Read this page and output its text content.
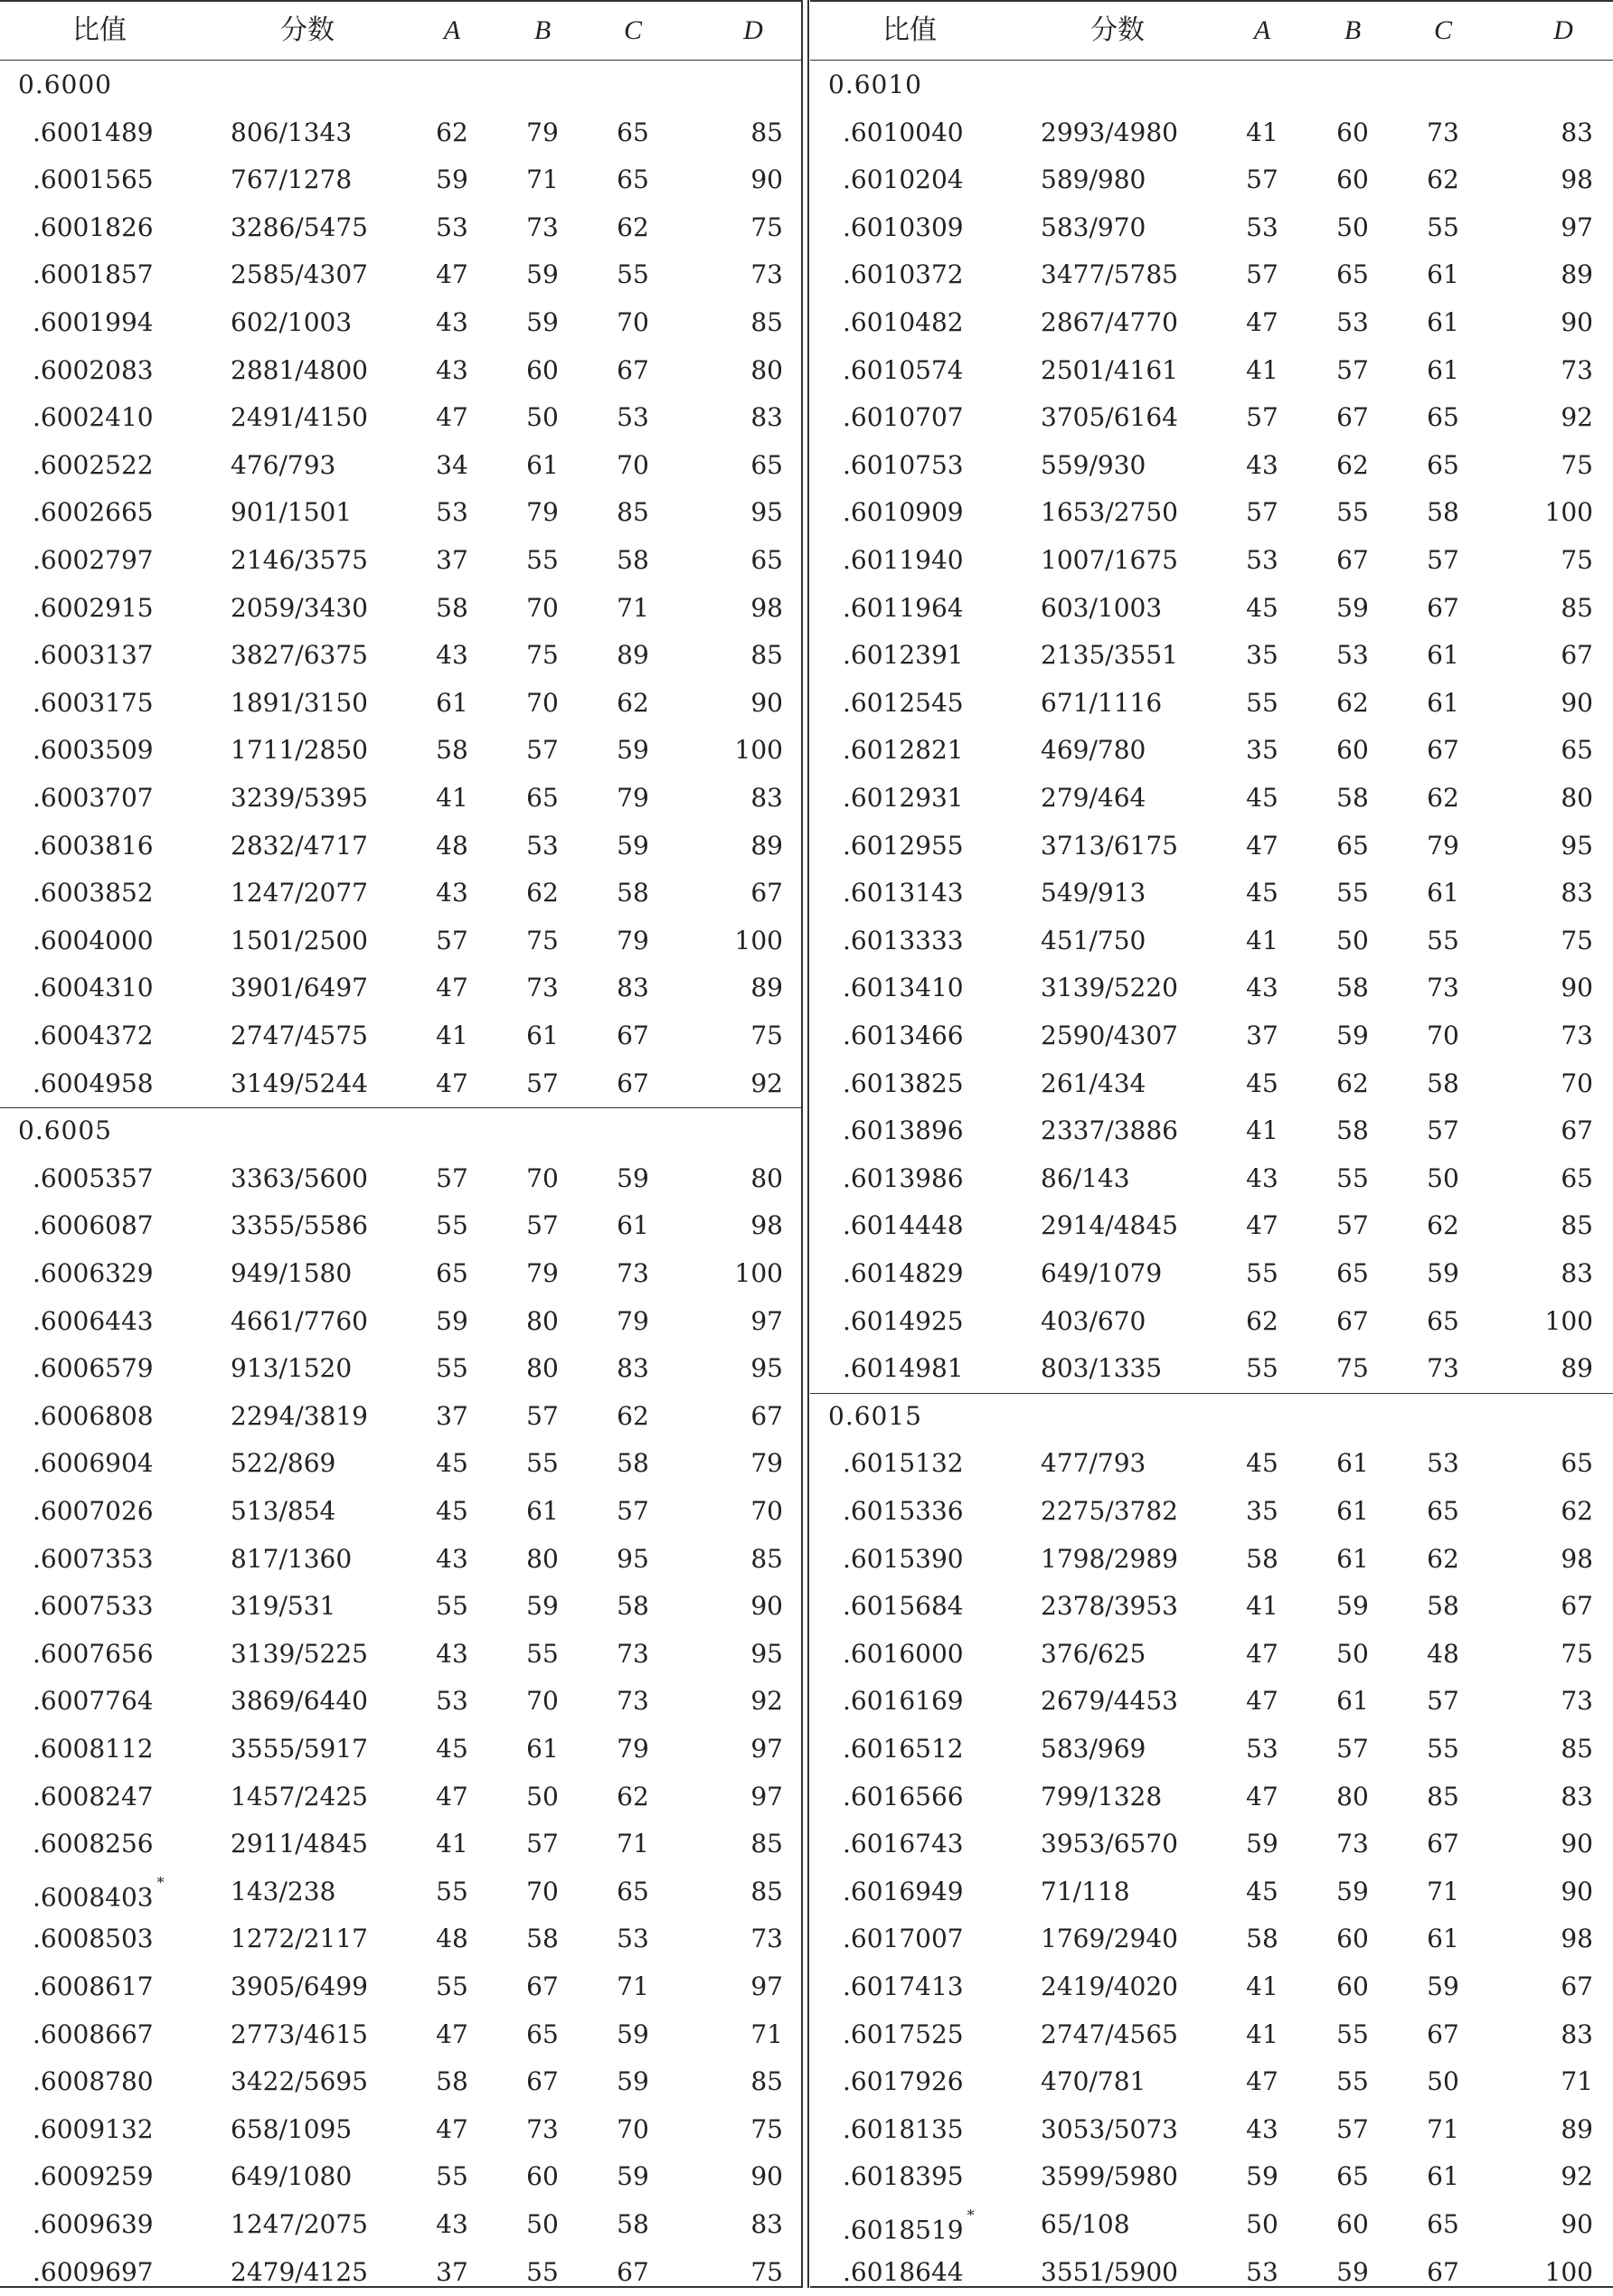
比值	分数	A	B	C	D
0.6000
.6001489	806/1343	62	79	65	85
.6001565	767/1278	59	71	65	90
.6001826	3286/5475	53	73	62	75
.6001857	2585/4307	47	59	55	73
.6001994	602/1003	43	59	70	85
.6002083	2881/4800	43	60	67	80
.6002410	2491/4150	47	50	53	83
.6002522	476/793	34	61	70	65
.6002665	901/1501	53	79	85	95
.6002797	2146/3575	37	55	58	65
.6002915	2059/3430	58	70	71	98
.6003137	3827/6375	43	75	89	85
.6003175	1891/3150	61	70	62	90
.6003509	1711/2850	58	57	59	100
.6003707	3239/5395	41	65	79	83
.6003816	2832/4717	48	53	59	89
.6003852	1247/2077	43	62	58	67
.6004000	1501/2500	57	75	79	100
.6004310	3901/6497	47	73	83	89
.6004372	2747/4575	41	61	67	75
.6004958	3149/5244	47	57	67	92
0.6005
.6005357	3363/5600	57	70	59	80
.6006087	3355/5586	55	57	61	98
.6006329	949/1580	65	79	73	100
.6006443	4661/7760	59	80	79	97
.6006579	913/1520	55	80	83	95
.6006808	2294/3819	37	57	62	67
.6006904	522/869	45	55	58	79
.6007026	513/854	45	61	57	70
.6007353	817/1360	43	80	95	85
.6007533	319/531	55	59	58	90
.6007656	3139/5225	43	55	73	95
.6007764	3869/6440	53	70	73	92
.6008112	3555/5917	45	61	79	97
.6008247	1457/2425	47	50	62	97
.6008256	2911/4845	41	57	71	85
.6008403 *	143/238	55	70	65	85
.6008503	1272/2117	48	58	53	73
.6008617	3905/6499	55	67	71	97
.6008667	2773/4615	47	65	59	71
.6008780	3422/5695	58	67	59	85
.6009132	658/1095	47	73	70	75
.6009259	649/1080	55	60	59	90
.6009639	1247/2075	43	50	58	83
.6009697	2479/4125	37	55	67	75
比值	分数	A	B	C	D
0.6010
.6010040	2993/4980	41	60	73	83
.6010204	589/980	57	60	62	98
.6010309	583/970	53	50	55	97
.6010372	3477/5785	57	65	61	89
.6010482	2867/4770	47	53	61	90
.6010574	2501/4161	41	57	61	73
.6010707	3705/6164	57	67	65	92
.6010753	559/930	43	62	65	75
.6010909	1653/2750	57	55	58	100
.6011940	1007/1675	53	67	57	75
.6011964	603/1003	45	59	67	85
.6012391	2135/3551	35	53	61	67
.6012545	671/1116	55	62	61	90
.6012821	469/780	35	60	67	65
.6012931	279/464	45	58	62	80
.6012955	3713/6175	47	65	79	95
.6013143	549/913	45	55	61	83
.6013333	451/750	41	50	55	75
.6013410	3139/5220	43	58	73	90
.6013466	2590/4307	37	59	70	73
.6013825	261/434	45	62	58	70
.6013896	2337/3886	41	58	57	67
.6013986	86/143	43	55	50	65
.6014448	2914/4845	47	57	62	85
.6014829	649/1079	55	65	59	83
.6014925	403/670	62	67	65	100
.6014981	803/1335	55	75	73	89
0.6015
.6015132	477/793	45	61	53	65
.6015336	2275/3782	35	61	65	62
.6015390	1798/2989	58	61	62	98
.6015684	2378/3953	41	59	58	67
.6016000	376/625	47	50	48	75
.6016169	2679/4453	47	61	57	73
.6016512	583/969	53	57	55	85
.6016566	799/1328	47	80	85	83
.6016743	3953/6570	59	73	67	90
.6016949	71/118	45	59	71	90
.6017007	1769/2940	58	60	61	98
.6017413	2419/4020	41	60	59	67
.6017525	2747/4565	41	55	67	83
.6017926	470/781	47	55	50	71
.6018135	3053/5073	43	57	71	89
.6018395	3599/5980	59	65	61	92
.6018519 *	65/108	50	60	65	90
.6018644	3551/5900	53	59	67	100
